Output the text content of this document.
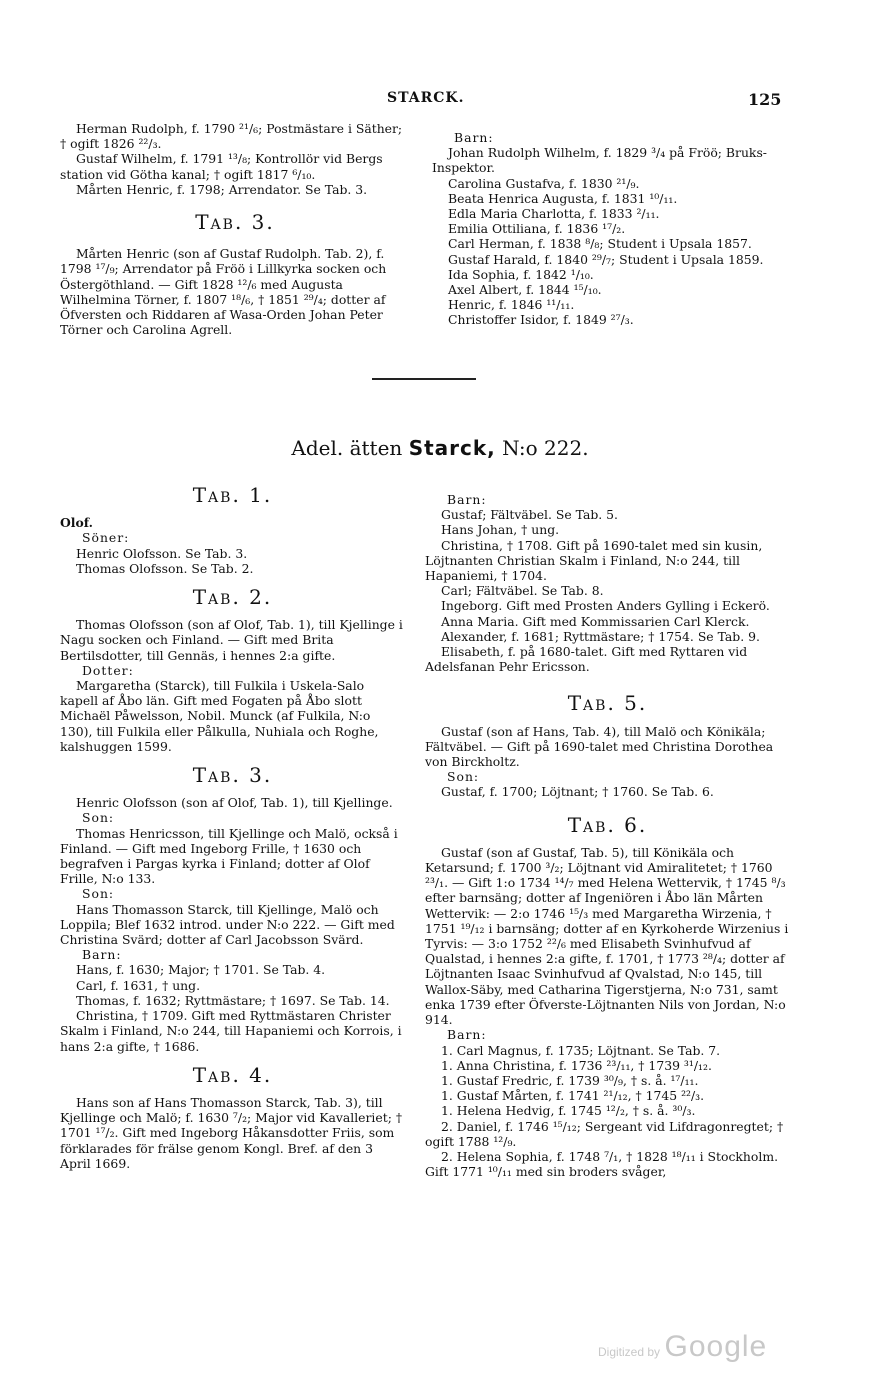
STARCK.	125

Herman Rudolph, f. 1790 ²¹/₆; Postmästare i Säther; † ogift 1826 ²²/₃.

Gustaf Wilhelm, f. 1791 ¹³/₈; Kontrollör vid Bergs station vid Götha kanal; † ogift 1817 ⁶/₁₀.

Mårten Henric, f. 1798; Arrendator. Se Tab. 3.

Tab. 3.

Mårten Henric (son af Gustaf Rudolph. Tab. 2), f. 1798 ¹⁷/₉; Arrendator på Fröö i Lillkyrka socken och Östergöthland. — Gift 1828 ¹²/₆ med Augusta Wilhelmina Törner, f. 1807 ¹⁸/₆, † 1851 ²⁹/₄; dotter af Öfversten och Riddaren af Wasa-Orden Johan Peter Törner och Carolina Agrell.

Barn:

Johan Rudolph Wilhelm, f. 1829 ³/₄ på Fröö; Bruks-Inspektor.

Carolina Gustafva, f. 1830 ²¹/₉.

Beata Henrica Augusta, f. 1831 ¹⁰/₁₁.

Edla Maria Charlotta, f. 1833 ²/₁₁.

Emilia Ottiliana, f. 1836 ¹⁷/₂.

Carl Herman, f. 1838 ⁸/₈; Student i Upsala 1857.

Gustaf Harald, f. 1840 ²⁹/₇; Student i Upsala 1859.

Ida Sophia, f. 1842 ¹/₁₀.

Axel Albert, f. 1844 ¹⁵/₁₀.

Henric, f. 1846 ¹¹/₁₁.

Christoffer Isidor, f. 1849 ²⁷/₃.

Adel. ätten Starck, N:o 222.
Tab. 1.

Olof.

Söner:

Henric Olofsson. Se Tab. 3.

Thomas Olofsson. Se Tab. 2.

Tab. 2.

Thomas Olofsson (son af Olof, Tab. 1), till Kjellinge i Nagu socken och Finland. — Gift med Brita Bertilsdotter, till Gennäs, i hennes 2:a gifte.

Dotter:

Margaretha (Starck), till Fulkila i Uskela-Salo kapell af Åbo län. Gift med Fogaten på Åbo slott Michaël Påwelsson, Nobil. Munck (af Fulkila, N:o 130), till Fulkila eller Pålkulla, Nuhiala och Roghe, kalshuggen 1599.

Tab. 3.

Henric Olofsson (son af Olof, Tab. 1), till Kjellinge.

Son:

Thomas Henricsson, till Kjellinge och Malö, också i Finland. — Gift med Ingeborg Frille, † 1630 och begrafven i Pargas kyrka i Finland; dotter af Olof Frille, N:o 133.

Son:

Hans Thomasson Starck, till Kjellinge, Malö och Loppila; Blef 1632 introd. under N:o 222. — Gift med Christina Svärd; dotter af Carl Jacobsson Svärd.

Barn:

Hans, f. 1630; Major; † 1701. Se Tab. 4.

Carl, f. 1631, † ung.

Thomas, f. 1632; Ryttmästare; † 1697. Se Tab. 14.

Christina, † 1709. Gift med Ryttmästaren Christer Skalm i Finland, N:o 244, till Hapaniemi och Korrois, i hans 2:a gifte, † 1686.

Tab. 4.

Hans son af Hans Thomasson Starck, Tab. 3), till Kjellinge och Malö; f. 1630 ⁷/₂; Major vid Kavalleriet; † 1701 ¹⁷/₂. Gift med Ingeborg Håkansdotter Friis, som förklarades för frälse genom Kongl. Bref. af den 3 April 1669.

Barn:

Gustaf; Fältväbel. Se Tab. 5.

Hans Johan, † ung.

Christina, † 1708. Gift på 1690-talet med sin kusin, Löjtnanten Christian Skalm i Finland, N:o 244, till Hapaniemi, † 1704.

Carl; Fältväbel. Se Tab. 8.

Ingeborg. Gift med Prosten Anders Gylling i Eckerö.

Anna Maria. Gift med Kommissarien Carl Klerck.

Alexander, f. 1681; Ryttmästare; † 1754. Se Tab. 9.

Elisabeth, f. på 1680-talet. Gift med Ryttaren vid Adelsfanan Pehr Ericsson.

Tab. 5.

Gustaf (son af Hans, Tab. 4), till Malö och Könikäla; Fältväbel. — Gift på 1690-talet med Christina Dorothea von Birckholtz.

Son:

Gustaf, f. 1700; Löjtnant; † 1760. Se Tab. 6.

Tab. 6.

Gustaf (son af Gustaf, Tab. 5), till Könikäla och Ketarsund; f. 1700 ³/₂; Löjtnant vid Amiralitetet; † 1760 ²³/₁. — Gift 1:o 1734 ¹⁴/₇ med Helena Wettervik, † 1745 ⁸/₃ efter barnsäng; dotter af Ingeniören i Åbo län Mårten Wettervik: — 2:o 1746 ¹⁵/₃ med Margaretha Wirzenia, † 1751 ¹⁹/₁₂ i barnsäng; dotter af en Kyrkoherde Wirzenius i Tyrvis: — 3:o 1752 ²²/₆ med Elisabeth Svinhufvud af Qualstad, i hennes 2:a gifte, f. 1701, † 1773 ²⁸/₄; dotter af Löjtnanten Isaac Svinhufvud af Qvalstad, N:o 145, till Wallox-Säby, med Catharina Tigerstjerna, N:o 731, samt enka 1739 efter Öfverste-Löjtnanten Nils von Jordan, N:o 914.

Barn:

1. Carl Magnus, f. 1735; Löjtnant. Se Tab. 7.

1. Anna Christina, f. 1736 ²³/₁₁, † 1739 ³¹/₁₂.

1. Gustaf Fredric, f. 1739 ³⁰/₉, † s. å. ¹⁷/₁₁.

1. Gustaf Mårten, f. 1741 ²¹/₁₂, † 1745 ²²/₃.

1. Helena Hedvig, f. 1745 ¹²/₂, † s. å. ³⁰/₃.

2. Daniel, f. 1746 ¹⁵/₁₂; Sergeant vid Lifdragonregtet; † ogift 1788 ¹²/₉.

2. Helena Sophia, f. 1748 ⁷/₁, † 1828 ¹⁸/₁₁ i Stockholm. Gift 1771 ¹⁰/₁₁ med sin broders svåger,

Digitized by Google
